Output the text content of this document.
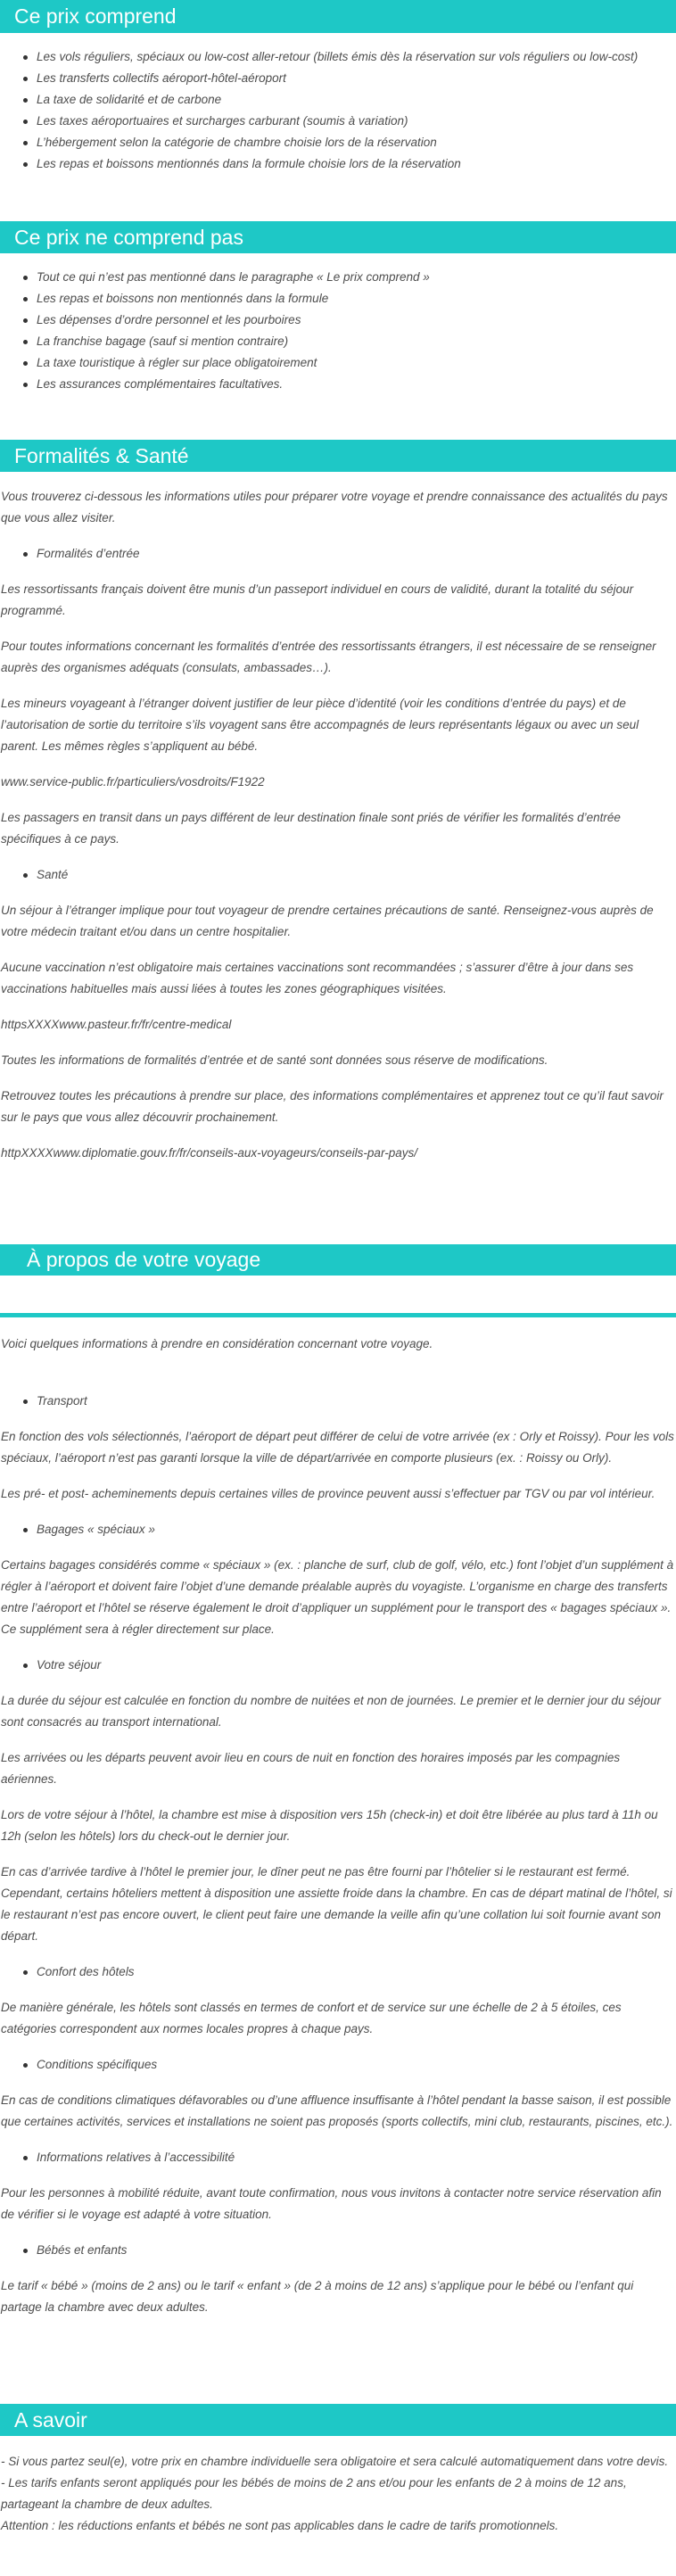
Ce prix comprend
Les vols réguliers, spéciaux ou low-cost aller-retour (billets émis dès la réservation sur vols réguliers ou low-cost)
Les transferts collectifs aéroport-hôtel-aéroport
La taxe de solidarité et de carbone
Les taxes aéroportuaires et surcharges carburant (soumis à variation)
L’hébergement selon la catégorie de chambre choisie lors de la réservation
Les repas et boissons mentionnés dans la formule choisie lors de la réservation
Ce prix ne comprend pas
Tout ce qui n’est pas mentionné dans le paragraphe « Le prix comprend »
Les repas et boissons non mentionnés dans la formule
Les dépenses d’ordre personnel et les pourboires
La franchise bagage (sauf si mention contraire)
La taxe touristique à régler sur place obligatoirement
Les assurances complémentaires facultatives.
Formalités & Santé

Vous trouverez ci-dessous les informations utiles pour préparer votre voyage et prendre connaissance des actualités du pays que vous allez visiter.

Formalités d’entrée

Les ressortissants français doivent être munis d’un passeport individuel en cours de validité, durant la totalité du séjour programmé.

Pour toutes informations concernant les formalités d’entrée des ressortissants étrangers, il est nécessaire de se renseigner auprès des organismes adéquats (consulats, ambassades…).

Les mineurs voyageant à l’étranger doivent justifier de leur pièce d’identité (voir les conditions d’entrée du pays) et de l’autorisation de sortie du territoire s’ils voyagent sans être accompagnés de leurs représentants légaux ou avec un seul parent. Les mêmes règles s’appliquent au bébé.

www.service-public.fr/particuliers/vosdroits/F1922

Les passagers en transit dans un pays différent de leur destination finale sont priés de vérifier les formalités d’entrée spécifiques à ce pays.

Santé

Un séjour à l’étranger implique pour tout voyageur de prendre certaines précautions de santé. Renseignez-vous auprès de votre médecin traitant et/ou dans un centre hospitalier.

Aucune vaccination n’est obligatoire mais certaines vaccinations sont recommandées ; s’assurer d’être à jour dans ses vaccinations habituelles mais aussi liées à toutes les zones géographiques visitées.

httpsXXXXwww.pasteur.fr/fr/centre-medical

Toutes les informations de formalités d’entrée et de santé sont données sous réserve de modifications.

Retrouvez toutes les précautions à prendre sur place, des informations complémentaires et apprenez tout ce qu’il faut savoir sur le pays que vous allez découvrir prochainement.

httpXXXXwww.diplomatie.gouv.fr/fr/conseils-aux-voyageurs/conseils-par-pays/

À propos de votre voyage

Voici quelques informations à prendre en considération concernant votre voyage.

Transport

En fonction des vols sélectionnés, l’aéroport de départ peut différer de celui de votre arrivée (ex : Orly et Roissy). Pour les vols spéciaux, l’aéroport n’est pas garanti lorsque la ville de départ/arrivée en comporte plusieurs (ex. : Roissy ou Orly).

Les pré- et post- acheminements depuis certaines villes de province peuvent aussi s’effectuer par TGV ou par vol intérieur.

Bagages « spéciaux »

Certains bagages considérés comme « spéciaux » (ex. : planche de surf, club de golf, vélo, etc.) font l’objet d’un supplément à régler à l’aéroport et doivent faire l’objet d’une demande préalable auprès du voyagiste. L’organisme en charge des transferts entre l’aéroport et l’hôtel se réserve également le droit d’appliquer un supplément pour le transport des « bagages spéciaux ». Ce supplément sera à régler directement sur place.

Votre séjour

La durée du séjour est calculée en fonction du nombre de nuitées et non de journées. Le premier et le dernier jour du séjour sont consacrés au transport international.

Les arrivées ou les départs peuvent avoir lieu en cours de nuit en fonction des horaires imposés par les compagnies aériennes.

Lors de votre séjour à l’hôtel, la chambre est mise à disposition vers 15h (check-in) et doit être libérée au plus tard à 11h ou 12h (selon les hôtels) lors du check-out le dernier jour.

En cas d’arrivée tardive à l’hôtel le premier jour, le dîner peut ne pas être fourni par l’hôtelier si le restaurant est fermé. Cependant, certains hôteliers mettent à disposition une assiette froide dans la chambre. En cas de départ matinal de l’hôtel, si le restaurant n’est pas encore ouvert, le client peut faire une demande la veille afin qu’une collation lui soit fournie avant son départ.

Confort des hôtels

De manière générale, les hôtels sont classés en termes de confort et de service sur une échelle de 2 à 5 étoiles, ces catégories correspondent aux normes locales propres à chaque pays.

Conditions spécifiques

En cas de conditions climatiques défavorables ou d’une affluence insuffisante à l’hôtel pendant la basse saison, il est possible que certaines activités, services et installations ne soient pas proposés (sports collectifs, mini club, restaurants, piscines, etc.).

Informations relatives à l’accessibilité

Pour les personnes à mobilité réduite, avant toute confirmation, nous vous invitons à contacter notre service réservation afin de vérifier si le voyage est adapté à votre situation.

Bébés et enfants

Le tarif « bébé » (moins de 2 ans) ou le tarif « enfant » (de 2 à moins de 12 ans) s’applique pour le bébé ou l’enfant qui partage la chambre avec deux adultes.

A savoir
- Si vous partez seul(e), votre prix en chambre individuelle sera obligatoire et sera calculé automatiquement dans votre devis.
- Les tarifs enfants seront appliqués pour les bébés de moins de 2 ans et/ou pour les enfants de 2 à moins de 12 ans, partageant la chambre de deux adultes.
Attention : les réductions enfants et bébés ne sont pas applicables dans le cadre de tarifs promotionnels.
